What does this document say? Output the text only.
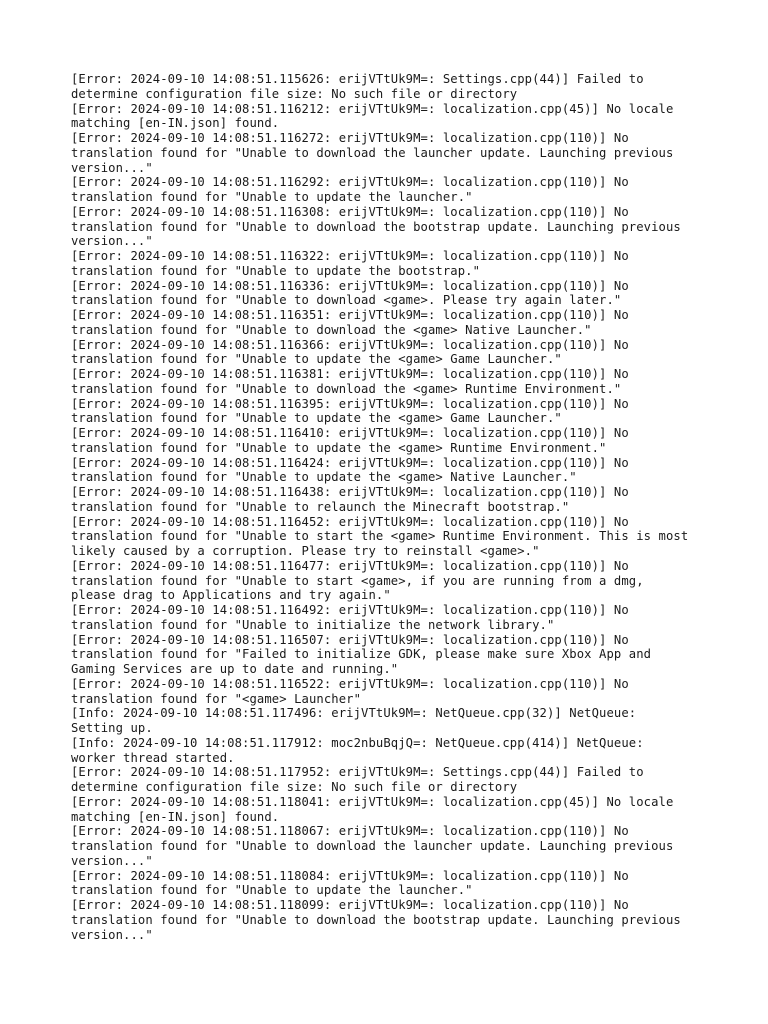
[Error: 2024-09-10 14:08:51.115626: erijVTtUk9M=: Settings.cpp(44)] Failed to
determine configuration file size: No such file or directory
[Error: 2024-09-10 14:08:51.116212: erijVTtUk9M=: localization.cpp(45)] No locale
matching [en-IN.json] found.
[Error: 2024-09-10 14:08:51.116272: erijVTtUk9M=: localization.cpp(110)] No
translation found for "Unable to download the launcher update. Launching previous
version..."
[Error: 2024-09-10 14:08:51.116292: erijVTtUk9M=: localization.cpp(110)] No
translation found for "Unable to update the launcher."
[Error: 2024-09-10 14:08:51.116308: erijVTtUk9M=: localization.cpp(110)] No
translation found for "Unable to download the bootstrap update. Launching previous
version..."
[Error: 2024-09-10 14:08:51.116322: erijVTtUk9M=: localization.cpp(110)] No
translation found for "Unable to update the bootstrap."
[Error: 2024-09-10 14:08:51.116336: erijVTtUk9M=: localization.cpp(110)] No
translation found for "Unable to download <game>. Please try again later."
[Error: 2024-09-10 14:08:51.116351: erijVTtUk9M=: localization.cpp(110)] No
translation found for "Unable to download the <game> Native Launcher."
[Error: 2024-09-10 14:08:51.116366: erijVTtUk9M=: localization.cpp(110)] No
translation found for "Unable to update the <game> Game Launcher."
[Error: 2024-09-10 14:08:51.116381: erijVTtUk9M=: localization.cpp(110)] No
translation found for "Unable to download the <game> Runtime Environment."
[Error: 2024-09-10 14:08:51.116395: erijVTtUk9M=: localization.cpp(110)] No
translation found for "Unable to update the <game> Game Launcher."
[Error: 2024-09-10 14:08:51.116410: erijVTtUk9M=: localization.cpp(110)] No
translation found for "Unable to update the <game> Runtime Environment."
[Error: 2024-09-10 14:08:51.116424: erijVTtUk9M=: localization.cpp(110)] No
translation found for "Unable to update the <game> Native Launcher."
[Error: 2024-09-10 14:08:51.116438: erijVTtUk9M=: localization.cpp(110)] No
translation found for "Unable to relaunch the Minecraft bootstrap."
[Error: 2024-09-10 14:08:51.116452: erijVTtUk9M=: localization.cpp(110)] No
translation found for "Unable to start the <game> Runtime Environment. This is most
likely caused by a corruption. Please try to reinstall <game>."
[Error: 2024-09-10 14:08:51.116477: erijVTtUk9M=: localization.cpp(110)] No
translation found for "Unable to start <game>, if you are running from a dmg,
please drag to Applications and try again."
[Error: 2024-09-10 14:08:51.116492: erijVTtUk9M=: localization.cpp(110)] No
translation found for "Unable to initialize the network library."
[Error: 2024-09-10 14:08:51.116507: erijVTtUk9M=: localization.cpp(110)] No
translation found for "Failed to initialize GDK, please make sure Xbox App and
Gaming Services are up to date and running."
[Error: 2024-09-10 14:08:51.116522: erijVTtUk9M=: localization.cpp(110)] No
translation found for "<game> Launcher"
[Info: 2024-09-10 14:08:51.117496: erijVTtUk9M=: NetQueue.cpp(32)] NetQueue:
Setting up.
[Info: 2024-09-10 14:08:51.117912: moc2nbuBqjQ=: NetQueue.cpp(414)] NetQueue:
worker thread started.
[Error: 2024-09-10 14:08:51.117952: erijVTtUk9M=: Settings.cpp(44)] Failed to
determine configuration file size: No such file or directory
[Error: 2024-09-10 14:08:51.118041: erijVTtUk9M=: localization.cpp(45)] No locale
matching [en-IN.json] found.
[Error: 2024-09-10 14:08:51.118067: erijVTtUk9M=: localization.cpp(110)] No
translation found for "Unable to download the launcher update. Launching previous
version..."
[Error: 2024-09-10 14:08:51.118084: erijVTtUk9M=: localization.cpp(110)] No
translation found for "Unable to update the launcher."
[Error: 2024-09-10 14:08:51.118099: erijVTtUk9M=: localization.cpp(110)] No
translation found for "Unable to download the bootstrap update. Launching previous
version..."
